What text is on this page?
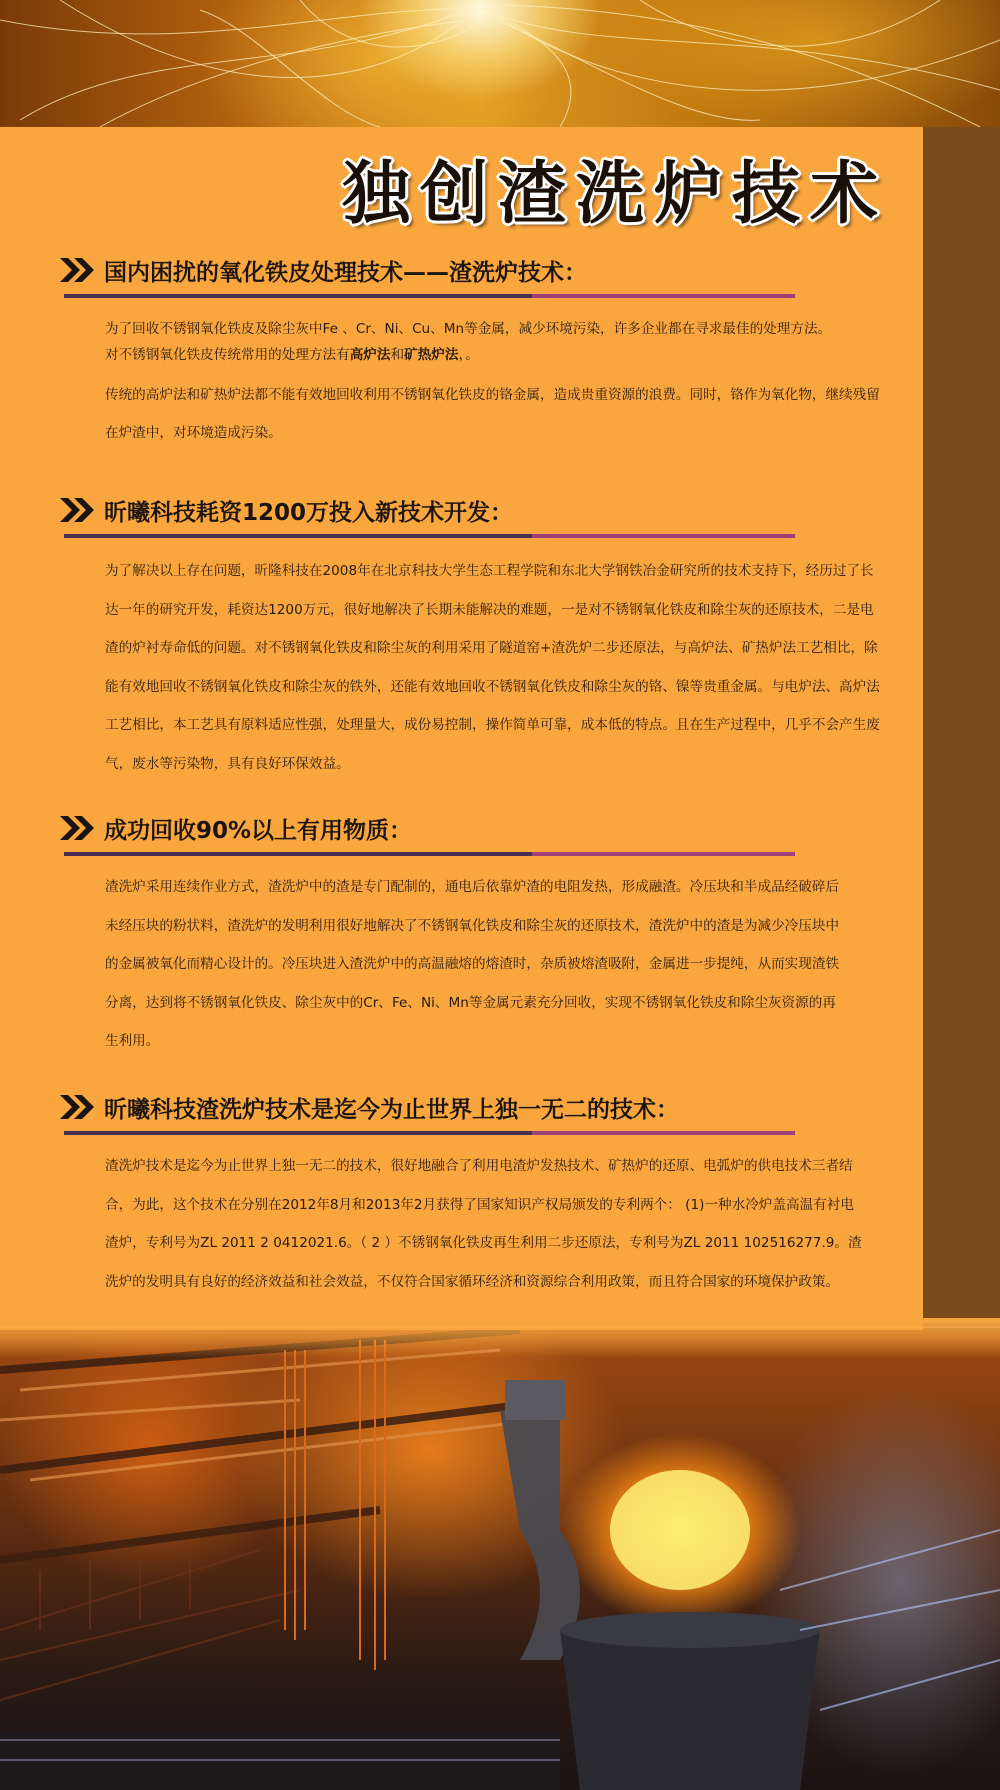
独创渣洗炉技术
国内困扰的氧化铁皮处理技术——渣洗炉技术：

为了回收不锈钢氧化铁皮及除尘灰中Fe 、Cr、Ni、Cu、Mn等金属，减少环境污染，许多企业都在寻求最佳的处理方法。

对不锈钢氧化铁皮传统常用的处理方法有高炉法和矿热炉法，。

传统的高炉法和矿热炉法都不能有效地回收利用不锈钢氧化铁皮的铬金属，造成贵重资源的浪费。同时，铬作为氧化物，继续残留在炉渣中，对环境造成污染。

昕曦科技耗资1200万投入新技术开发：

为了解决以上存在问题，昕隆科技在2008年在北京科技大学生态工程学院和东北大学钢铁冶金研究所的技术支持下，经历过了长达一年的研究开发，耗资达1200万元，很好地解决了长期未能解决的难题，一是对不锈钢氧化铁皮和除尘灰的还原技术，二是电渣的炉衬寿命低的问题。对不锈钢氧化铁皮和除尘灰的利用采用了隧道窑+渣洗炉二步还原法，与高炉法、矿热炉法工艺相比，除能有效地回收不锈钢氧化铁皮和除尘灰的铁外，还能有效地回收不锈钢氧化铁皮和除尘灰的铬、镍等贵重金属。与电炉法、高炉法工艺相比，本工艺具有原料适应性强，处理量大，成份易控制，操作简单可靠，成本低的特点。且在生产过程中，几乎不会产生废气，废水等污染物，具有良好环保效益。

成功回收90%以上有用物质：

渣洗炉采用连续作业方式，渣洗炉中的渣是专门配制的，通电后依靠炉渣的电阻发热，形成融渣。冷压块和半成品经破碎后未经压块的粉状料，渣洗炉的发明利用很好地解决了不锈钢氧化铁皮和除尘灰的还原技术，渣洗炉中的渣是为减少冷压块中的金属被氧化而精心设计的。冷压块进入渣洗炉中的高温融熔的熔渣时，杂质被熔渣吸附，金属进一步提纯，从而实现渣铁分离，达到将不锈钢氧化铁皮、除尘灰中的Cr、Fe、Ni、Mn等金属元素充分回收，实现不锈钢氧化铁皮和除尘灰资源的再生利用。

昕曦科技渣洗炉技术是迄今为止世界上独一无二的技术：

渣洗炉技术是迄今为止世界上独一无二的技术，很好地融合了利用电渣炉发热技术、矿热炉的还原、电弧炉的供电技术三者结合，为此，这个技术在分别在2012年8月和2013年2月获得了国家知识产权局颁发的专利两个： (1)一种水冷炉盖高温有衬电渣炉，专利号为ZL 2011 2 0412021.6。（ 2 ）不锈钢氧化铁皮再生利用二步还原法，专利号为ZL 2011 102516277.9。渣洗炉的发明具有良好的经济效益和社会效益，不仅符合国家循环经济和资源综合利用政策，而且符合国家的环境保护政策。
